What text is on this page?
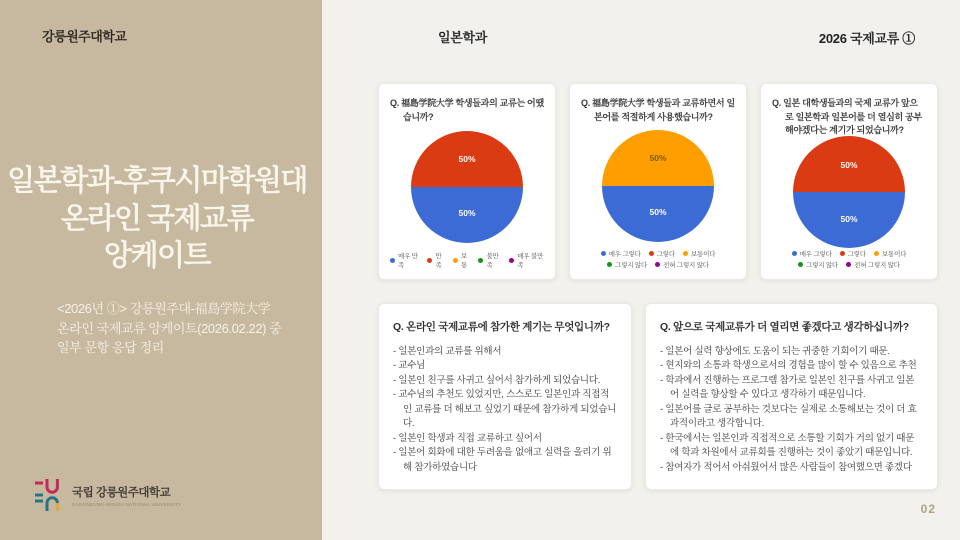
강릉원주대학교
일본학과-후쿠시마학원대
온라인 국제교류
앙케이트
<2026년 ①> 강릉원주대-福島学院大学
온라인 국제교류 앙케이트(2026.02.22) 중
일부 문항 응답 정리
국립 강릉원주대학교
GANGNEUNG-WONJU NATIONAL UNIVERSITY
일본학과	2026 국제교류 ①
Q. 福島学院大学 학생들과의 교류는 어땠습니까?
50%
50%
매우 만족
만족
보통
불만족
매우 불만족
Q. 福島学院大学 학생들과 교류하면서 일본어를 적절하게 사용했습니까?
50%
50%
매우 그렇다 그렇다 보통이다
그렇지 않다 전혀 그렇지 않다
Q. 일본 대학생들과의 국제 교류가 앞으로 일본학과 일본어를 더 열심히 공부해야겠다는 계기가 되었습니까?
50%
50%
매우 그렇다 그렇다 보통이다
그렇지 않다 전혀 그렇지 않다
Q. 온라인 국제교류에 참가한 계기는 무엇입니까?
- 일본인과의 교류를 위해서
- 교수님
- 일본인 친구를 사귀고 싶어서 참가하게 되었습니다.
- 교수님의 추천도 있었지만, 스스로도 일본인과 직접적인 교류를 더 해보고 싶었기 때문에 참가하게 되었습니다.
- 일본인 학생과 직접 교류하고 싶어서
- 일본어 회화에 대한 두려움을 없애고 실력을 올리기 위해 참가하였습니다
Q. 앞으로 국제교류가 더 열리면 좋겠다고 생각하십니까?
- 일본어 실력 향상에도 도움이 되는 귀중한 기회이기 때문.
- 현지와의 소통과 학생으로서의 경험을 많이 할 수 있음으로 추천
- 학과에서 진행하는 프로그램 참가로 일본인 친구를 사귀고 일본어 실력을 향상할 수 있다고 생각하기 때문입니다.
- 일본어를 글로 공부하는 것보다는 실제로 소통해보는 것이 더 효과적이라고 생각합니다.
- 한국에서는 일본인과 직접적으로 소통할 기회가 거의 없기 때문에 학과 차원에서 교류회를 진행하는 것이 좋았기 때문입니다.
- 참여자가 적어서 아쉬웠어서 많은 사람들이 참여했으면 좋겠다
02
